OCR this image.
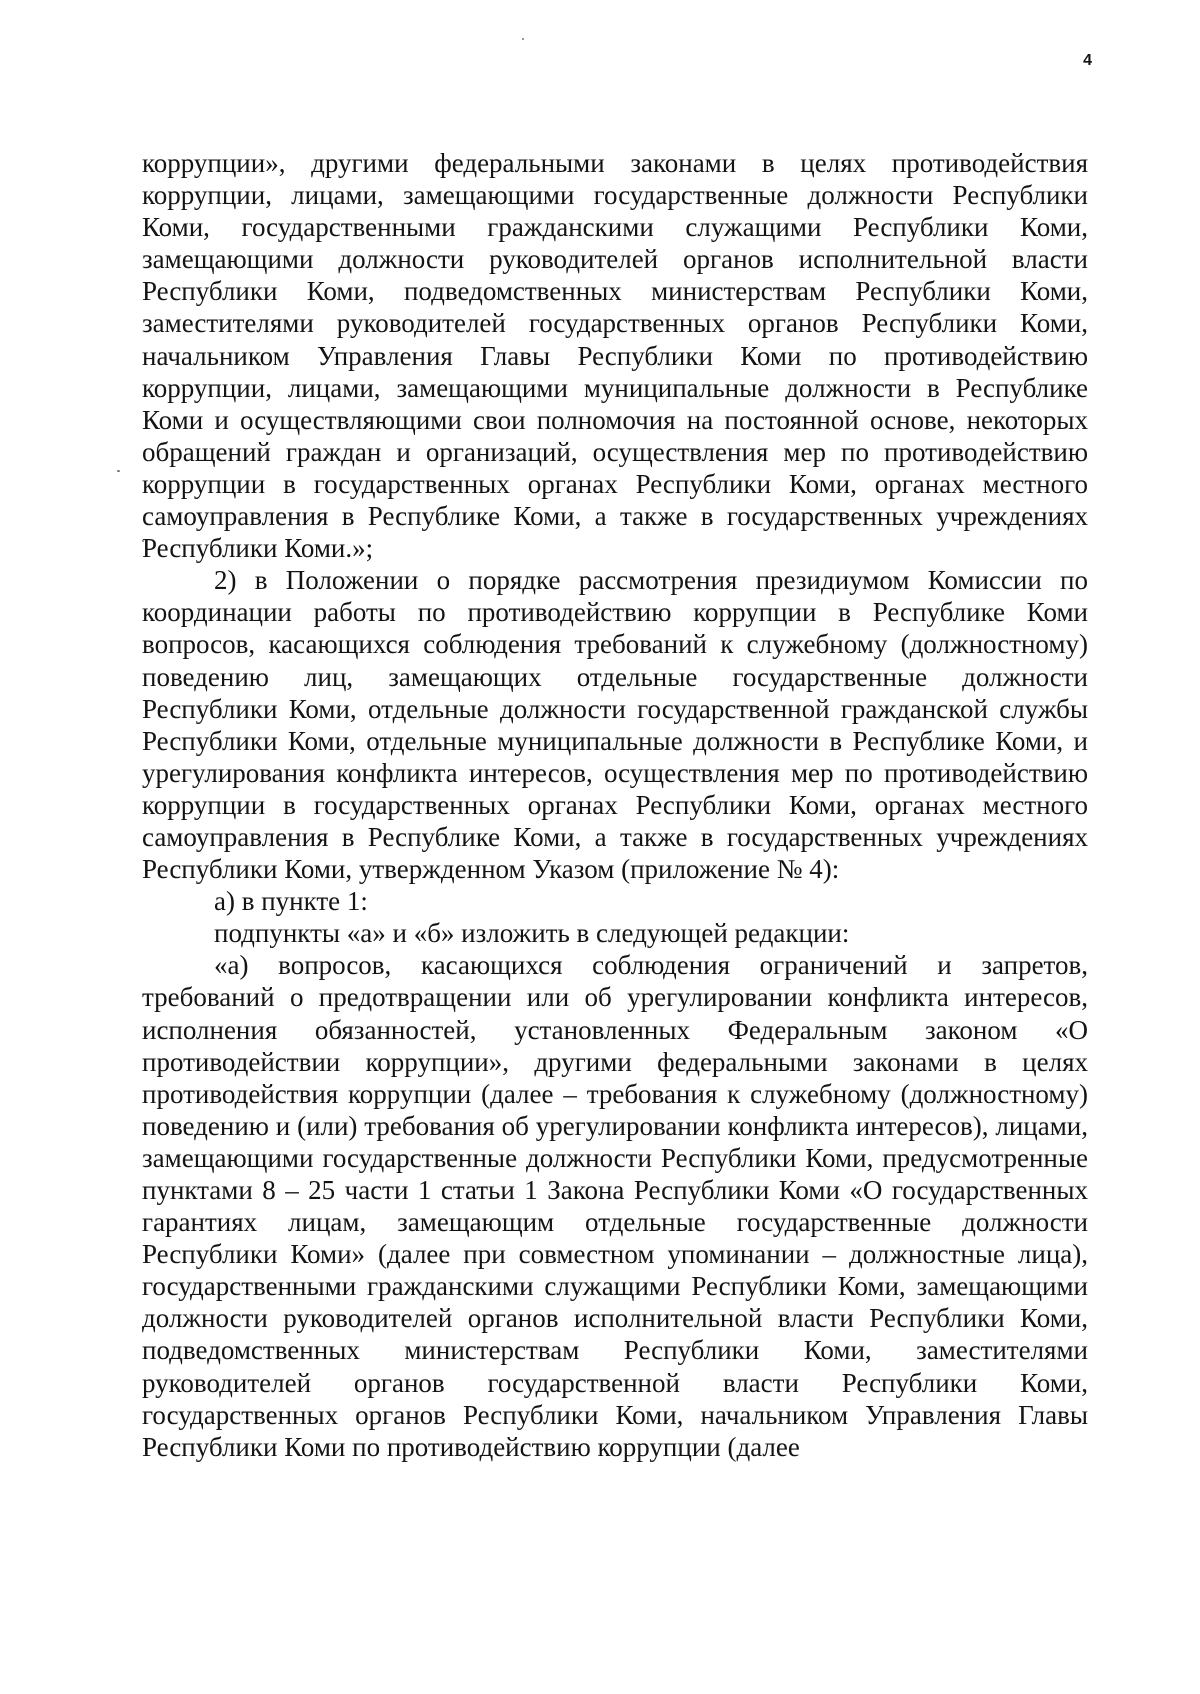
4

коррупции», другими федеральными законами в целях противодействия коррупции, лицами, замещающими государственные должности Республики Коми, государственными гражданскими служащими Республики Коми, замещающими должности руководителей органов исполнительной власти Республики Коми, подведомственных министерствам Республики Коми, заместителями руководителей государственных органов Республики Коми, начальником Управления Главы Республики Коми по противодействию коррупции, лицами, замещающими муниципальные должности в Республике Коми и осуществляющими свои полномочия на постоянной основе, некоторых обращений граждан и организаций, осуществления мер по противодействию коррупции в государственных органах Республики Коми, органах местного самоуправления в Республике Коми, а также в государственных учреждениях Республики Коми.»;

2) в Положении о порядке рассмотрения президиумом Комиссии по координации работы по противодействию коррупции в Республике Коми вопросов, касающихся соблюдения требований к служебному (должностному) поведению лиц, замещающих отдельные государственные должности Республики Коми, отдельные должности государственной гражданской службы Республики Коми, отдельные муниципальные должности в Республике Коми, и урегулирования конфликта интересов, осуществления мер по противодействию коррупции в государственных органах Республики Коми, органах местного самоуправления в Республике Коми, а также в государственных учреждениях Республики Коми, утвержденном Указом (приложение № 4):

а) в пункте 1:

подпункты «а» и «б» изложить в следующей редакции:

«а) вопросов, касающихся соблюдения ограничений и запретов, требований о предотвращении или об урегулировании конфликта интересов, исполнения обязанностей, установленных Федеральным законом «О противодействии коррупции», другими федеральными законами в целях противодействия коррупции (далее – требования к служебному (должностному) поведению и (или) требования об урегулировании конфликта интересов), лицами, замещающими государственные должности Республики Коми, предусмотренные пунктами 8 – 25 части 1 статьи 1 Закона Республики Коми «О государственных гарантиях лицам, замещающим отдельные государственные должности Республики Коми» (далее при совместном упоминании – должностные лица), государственными гражданскими служащими Республики Коми, замещающими должности руководителей органов исполнительной власти Республики Коми, подведомственных министерствам Республики Коми, заместителями руководителей органов государственной власти Республики Коми, государственных органов Республики Коми, начальником Управления Главы Республики Коми по противодействию коррупции (далее
